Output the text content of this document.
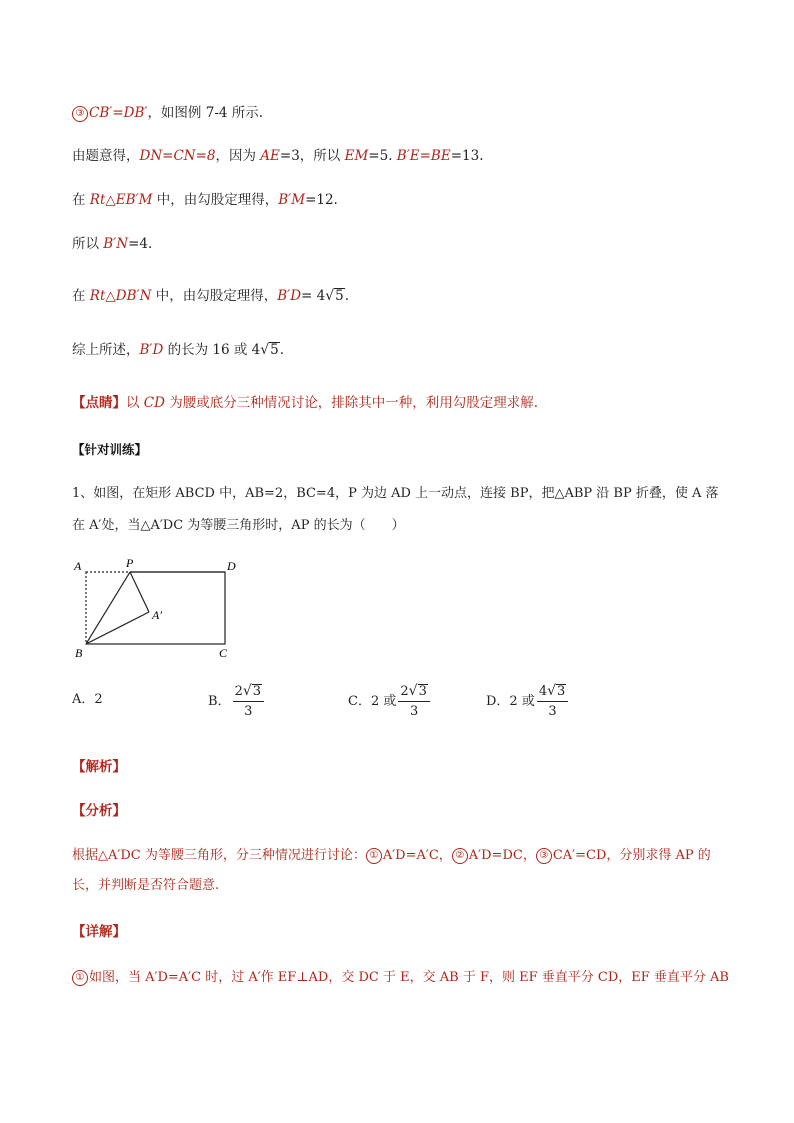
③ CB′=DB′，如图例 7-4 所示.
由题意得，DN=CN=8，因为 AE=3，所以 EM=5. B′E=BE=13.
在 Rt△EB′M 中，由勾股定理得，B′M=12.
所以 B′N=4.
在 Rt△DB′N 中，由勾股定理得，B′D= 4√5.
综上所述，B′D 的长为 16 或 4√5.
【点睛】以 CD 为腰或底分三种情况讨论，排除其中一种，利用勾股定理求解.
【针对训练】
1、如图，在矩形 ABCD 中，AB=2，BC=4，P 为边 AD 上一动点，连接 BP，把△ABP 沿 BP 折叠，使 A 落
在 A′处，当△A′DC 为等腰三角形时，AP 的长为（　　）
A	P	D
A′
B	C
A．2	B． $\frac{2√3}{3}$	C．2 或 $\frac{2√3}{3}$	D．2 或 $\frac{4√3}{3}$
【解析】
【分析】
根据△A′DC 为等腰三角形，分三种情况进行讨论： ① A′D=A′C， ② A′D=DC， ③ CA′=CD，分别求得 AP 的
长，并判断是否符合题意.
【详解】
① 如图，当 A′D=A′C 时，过 A′作 EF⊥AD，交 DC 于 E，交 AB 于 F，则 EF 垂直平分 CD，EF 垂直平分 AB
